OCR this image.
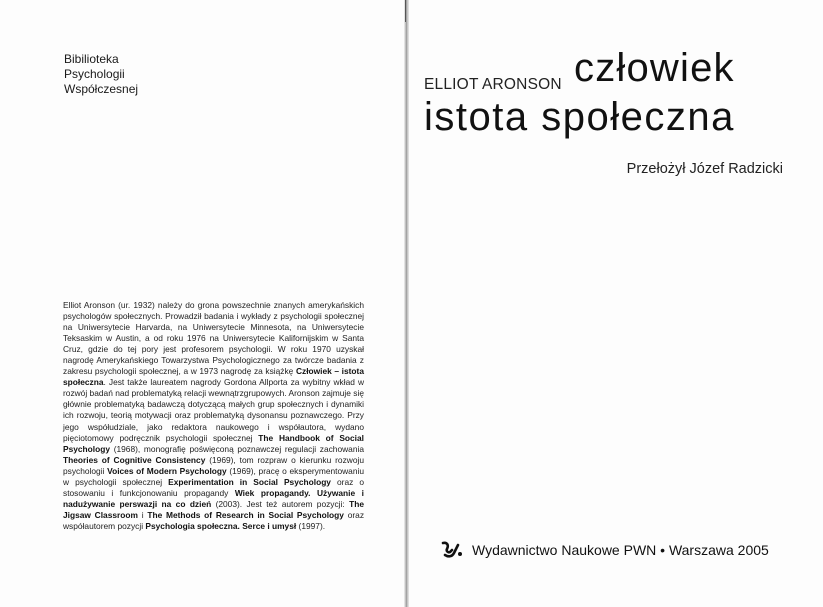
Bibilioteka
Psychologii
Współczesnej
Elliot Aronson (ur. 1932) należy do grona powszechnie znanych amerykańskich psychologów społecznych. Prowadził badania i wykłady z psychologii społecznej na Uniwersytecie Harvarda, na Uniwersytecie Minnesota, na Uniwersytecie Teksaskim w Austin, a od roku 1976 na Uniwersytecie Kalifornijskim w Santa Cruz, gdzie do tej pory jest profesorem psychologii. W roku 1970 uzyskał nagrodę Amerykańskiego Towarzystwa Psychologicznego za twórcze badania z zakresu psychologii społecznej, a w 1973 nagrodę za książkę Człowiek – istota społeczna. Jest także laureatem nagrody Gordona Allporta za wybitny wkład w rozwój badań nad problematyką relacji wewnątrzgrupowych. Aronson zajmuje się głównie problematyką badawczą dotyczącą małych grup społecznych i dynamiki ich rozwoju, teorią motywacji oraz problematyką dysonansu poznawczego. Przy jego współudziale, jako redaktora naukowego i współautora, wydano pięciotomowy podręcznik psychologii społecznej The Handbook of Social Psychology (1968), monografię poświęconą poznawczej regulacji zachowania Theories of Cognitive Consistency (1969), tom rozpraw o kierunku rozwoju psychologii Voices of Modern Psychology (1969), pracę o eksperymentowaniu w psychologii społecznej Experimentation in Social Psychology oraz o stosowaniu i funkcjonowaniu propagandy Wiek propagandy. Używanie i nadużywanie perswazji na co dzień (2003). Jest też autorem pozycji: The Jigsaw Classroom i The Methods of Research in Social Psychology oraz współautorem pozycji Psychologia społeczna. Serce i umysł (1997).
ELLIOT ARONSON człowiek
istota społeczna
Przełożył Józef Radzicki
Wydawnictwo Naukowe PWN • Warszawa 2005
